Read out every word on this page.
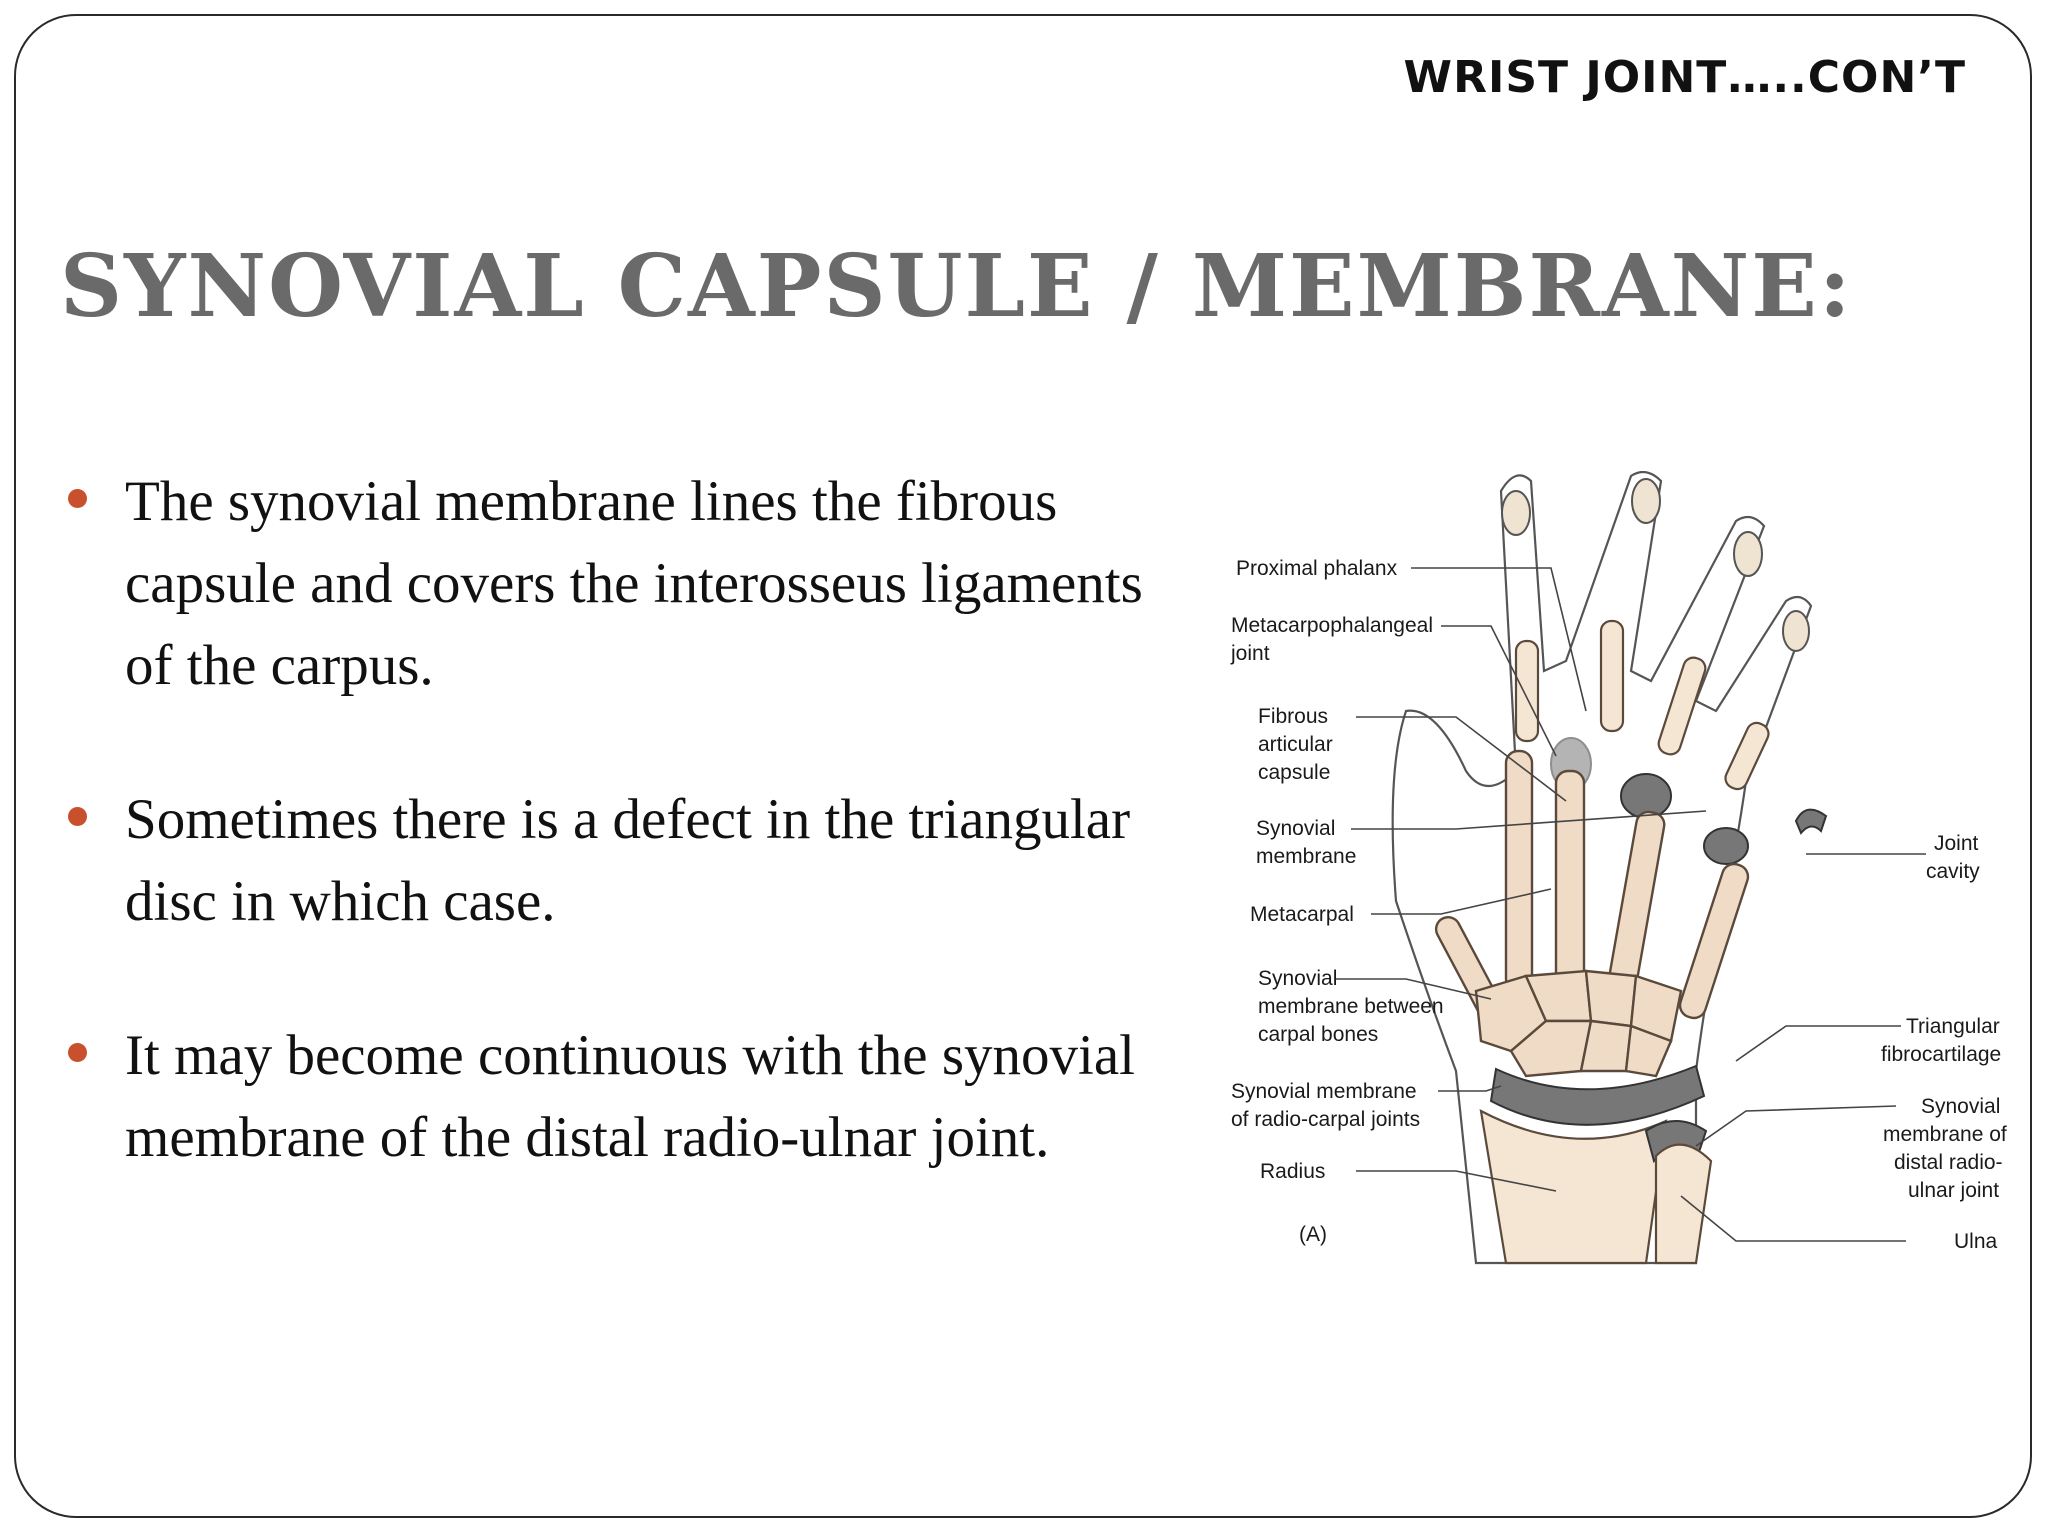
WRIST JOINT…..CON’T
SYNOVIAL CAPSULE / MEMBRANE:
The synovial membrane lines the fibrous capsule and covers the interosseus ligaments of the carpus.
Sometimes there is a defect in the triangular disc in which case.
It may become continuous with the synovial membrane of the distal radio-ulnar joint.
Proximal phalanx
Metacarpophalangeal
joint
Fibrous
articular
capsule
Synovial
membrane
Metacarpal
Synovial
membrane between
carpal bones
Synovial membrane
of radio-carpal joints
Radius
(A)
Joint
cavity
Triangular
fibrocartilage
Synovial
membrane of
distal radio-
ulnar joint
Ulna
